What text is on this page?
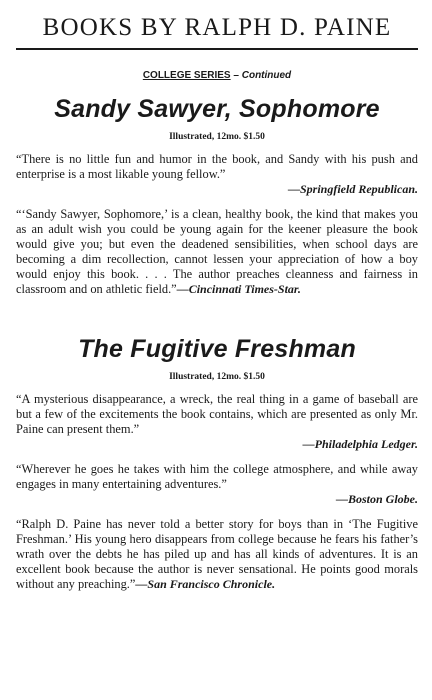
BOOKS BY RALPH D. PAINE
COLLEGE SERIES – Continued
Sandy Sawyer, Sophomore
Illustrated, 12mo. $1.50

“There is no little fun and humor in the book, and Sandy with his push and enterprise is a most likable young fellow.”

—Springfield Republican.

“‘Sandy Sawyer, Sophomore,’ is a clean, healthy book, the kind that makes you as an adult wish you could be young again for the keener pleasure the book would give you; but even the deadened sensibilities, when school days are becoming a dim recollection, cannot lessen your appreciation of how a boy would enjoy this book. . . . The author preaches cleanness and fairness in classroom and on athletic field.”—Cincinnati Times-Star.

The Fugitive Freshman
Illustrated, 12mo. $1.50

“A mysterious disappearance, a wreck, the real thing in a game of baseball are but a few of the excitements the book contains, which are presented as only Mr. Paine can present them.”

—Philadelphia Ledger.

“Wherever he goes he takes with him the college atmosphere, and while away engages in many entertaining adventures.”

—Boston Globe.

“Ralph D. Paine has never told a better story for boys than in ‘The Fugitive Freshman.’ His young hero disappears from college because he fears his father’s wrath over the debts he has piled up and has all kinds of adventures. It is an excellent book because the author is never sensational. He points good morals without any preaching.”—San Francisco Chronicle.
